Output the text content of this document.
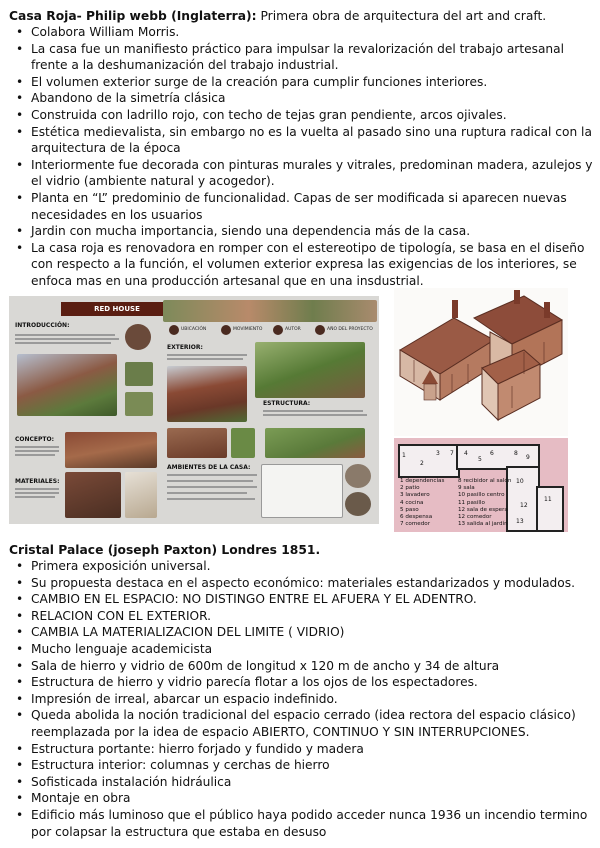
Casa Roja- Philip webb (Inglaterra): Primera obra de arquitectura del art and craft.
• Colabora William Morris.
• La casa fue un manifiesto práctico para impulsar la revalorización del trabajo artesanal frente a la deshumanización del trabajo industrial.
• El volumen exterior surge de la creación para cumplir funciones interiores.
• Abandono de la simetría clásica
• Construida con ladrillo rojo, con techo de tejas gran pendiente, arcos ojivales.
• Estética medievalista, sin embargo no es la vuelta al pasado sino una ruptura radical con la arquitectura de la época
• Interiormente fue decorada con pinturas murales y vitrales, predominan madera, azulejos y el vidrio (ambiente natural y acogedor).
• Planta en “L” predominio de funcionalidad. Capas de ser modificada si aparecen nuevas necesidades en los usuarios
• Jardin con mucha importancia, siendo una dependencia más de la casa.
• La casa roja es renovadora en romper con el estereotipo de tipología, se basa en el diseño con respecto a la función, el volumen exterior expresa las exigencias de los interiores, se enfoca mas en una producción artesanal que en una insdustrial.
RED HOUSE
INTRODUCCIÓN:
UBICACIÓN	MOVIMIENTO	AUTOR	AÑO DEL PROYECTO
EXTERIOR:
ESTRUCTURA:
CONCEPTO:
MATERIALES:
AMBIENTES DE LA CASA:
1
2
3	4
5
6
7	8
9
10
11
12
13
1 dependencias
2 patio
3 lavadero
4 cocina
5 paso
6 despensa
7 comedor
8 recibidor al salón
9 sala
10 pasillo centro
11 pasillo
12 sala de espera
12 comedor
13 salida al jardín
Cristal Palace (joseph Paxton) Londres 1851.
• Primera exposición universal.
• Su propuesta destaca en el aspecto económico: materiales estandarizados y modulados.
• CAMBIO EN EL ESPACIO: NO DISTINGO ENTRE EL AFUERA Y EL ADENTRO.
• RELACION CON EL EXTERIOR.
• CAMBIA LA MATERIALIZACION DEL LIMITE ( VIDRIO)
• Mucho lenguaje academicista
• Sala de hierro y vidrio de 600m de longitud x 120 m de ancho y 34 de altura
• Estructura de hierro y vidrio parecía flotar a los ojos de los espectadores.
• Impresión de irreal, abarcar un espacio indefinido.
• Queda abolida la noción tradicional del espacio cerrado (idea rectora del espacio clásico) reemplazada por la idea de espacio ABIERTO, CONTINUO Y SIN INTERRUPCIONES.
• Estructura portante: hierro forjado y fundido y madera
• Estructura interior: columnas y cerchas de hierro
• Sofisticada instalación hidráulica
• Montaje en obra
• Edificio más luminoso que el público haya podido acceder nunca 1936 un incendio termino por colapsar la estructura que estaba en desuso
